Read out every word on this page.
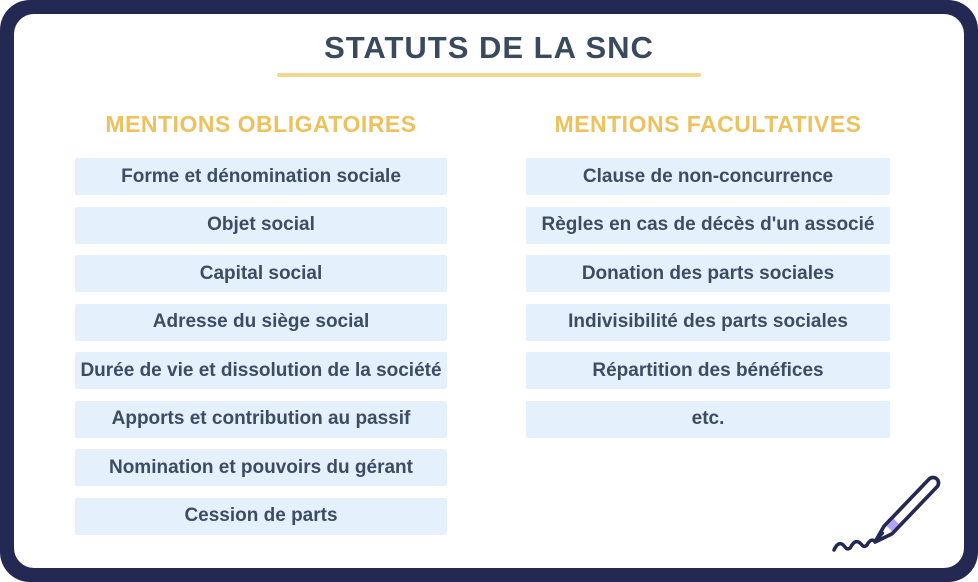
STATUTS DE LA SNC
MENTIONS OBLIGATOIRES
Forme et dénomination sociale
Objet social
Capital social
Adresse du siège social
Durée de vie et dissolution de la société
Apports et contribution au passif
Nomination et pouvoirs du gérant
Cession de parts
MENTIONS FACULTATIVES
Clause de non-concurrence
Règles en cas de décès d'un associé
Donation des parts sociales
Indivisibilité des parts sociales
Répartition des bénéfices
etc.
